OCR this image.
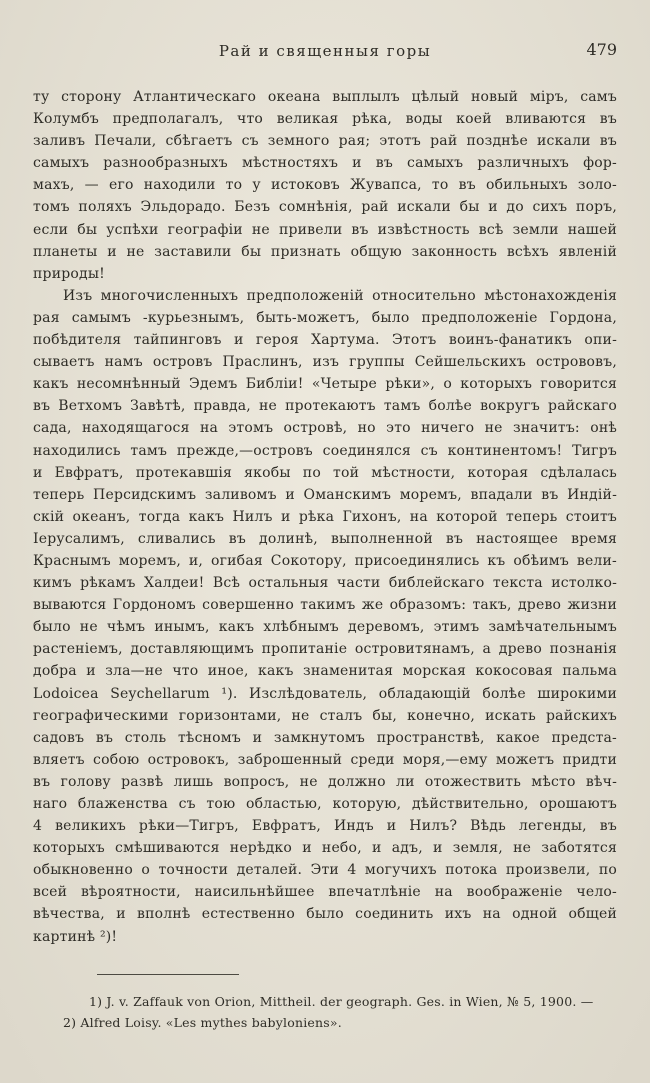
Рай и священныя горы	479
ту сторону Атлантическаго океана выплылъ цѣлый новый міръ, самъ
Колумбъ предполагалъ, что великая рѣка, воды коей вливаются въ
заливъ Печали, сбѣгаетъ съ земного рая; этотъ рай позднѣе искали въ
самыхъ разнообразныхъ мѣстностяхъ и въ самыхъ различныхъ фор-
махъ, — его находили то у истоковъ Жувапса, то въ обильныхъ золо-
томъ поляхъ Эльдорадо. Безъ сомнѣнія, рай искали бы и до сихъ поръ,
если бы успѣхи географіи не привели въ извѣстность всѣ земли нашей
планеты и не заставили бы признать общую законность всѣхъ явленій
природы!
Изъ многочисленныхъ предположеній относительно мѣстонахожденія
рая самымъ -курьезнымъ, быть-можетъ, было предположеніе Гордона,
побѣдителя тайпинговъ и героя Хартума. Этотъ воинъ-фанатикъ опи-
сываетъ намъ островъ Праслинъ, изъ группы Сейшельскихъ острововъ,
какъ несомнѣнный Эдемъ Библіи! «Четыре рѣки», о которыхъ говорится
въ Ветхомъ Завѣтѣ, правда, не протекаютъ тамъ болѣе вокругъ райскаго
сада, находящагося на этомъ островѣ, но это ничего не значитъ: онѣ
находились тамъ прежде,—островъ соединялся съ континентомъ! Тигръ
и Евфратъ, протекавшія якобы по той мѣстности, которая сдѣлалась
теперь Персидскимъ заливомъ и Оманскимъ моремъ, впадали въ Индій-
скій океанъ, тогда какъ Нилъ и рѣка Гихонъ, на которой теперь стоитъ
Іерусалимъ, сливались въ долинѣ, выполненной въ настоящее время
Краснымъ моремъ, и, огибая Сокотору, присоединялись къ обѣимъ вели-
кимъ рѣкамъ Халдеи! Всѣ остальныя части библейскаго текста истолко-
вываются Гордономъ совершенно такимъ же образомъ: такъ, древо жизни
было не чѣмъ инымъ, какъ хлѣбнымъ деревомъ, этимъ замѣчательнымъ
растеніемъ, доставляющимъ пропитаніе островитянамъ, а древо познанія
добра и зла—не что иное, какъ знаменитая морская кокосовая пальма
Lodoicea Seychellarum ¹). Изслѣдователь, обладающій болѣе широкими
географическими горизонтами, не сталъ бы, конечно, искать райскихъ
садовъ въ столь тѣсномъ и замкнутомъ пространствѣ, какое предста-
вляетъ собою островокъ, заброшенный среди моря,—ему можетъ придти
въ голову развѣ лишь вопросъ, не должно ли отожествить мѣсто вѣч-
наго блаженства съ тою областью, которую, дѣйствительно, орошаютъ
4 великихъ рѣки—Тигръ, Евфратъ, Индъ и Нилъ? Вѣдь легенды, въ
которыхъ смѣшиваются нерѣдко и небо, и адъ, и земля, не заботятся
обыкновенно о точности деталей. Эти 4 могучихъ потока произвели, по
всей вѣроятности, наисильнѣйшее впечатлѣніе на воображеніе чело-
вѣчества, и вполнѣ естественно было соединить ихъ на одной общей
картинѣ ²)!
1) J. v. Zaffauk von Orion, Mittheil. der geograph. Ges. in Wien, № 5, 1900. —
2) Alfred Loisy. «Les mythes babyloniens».
